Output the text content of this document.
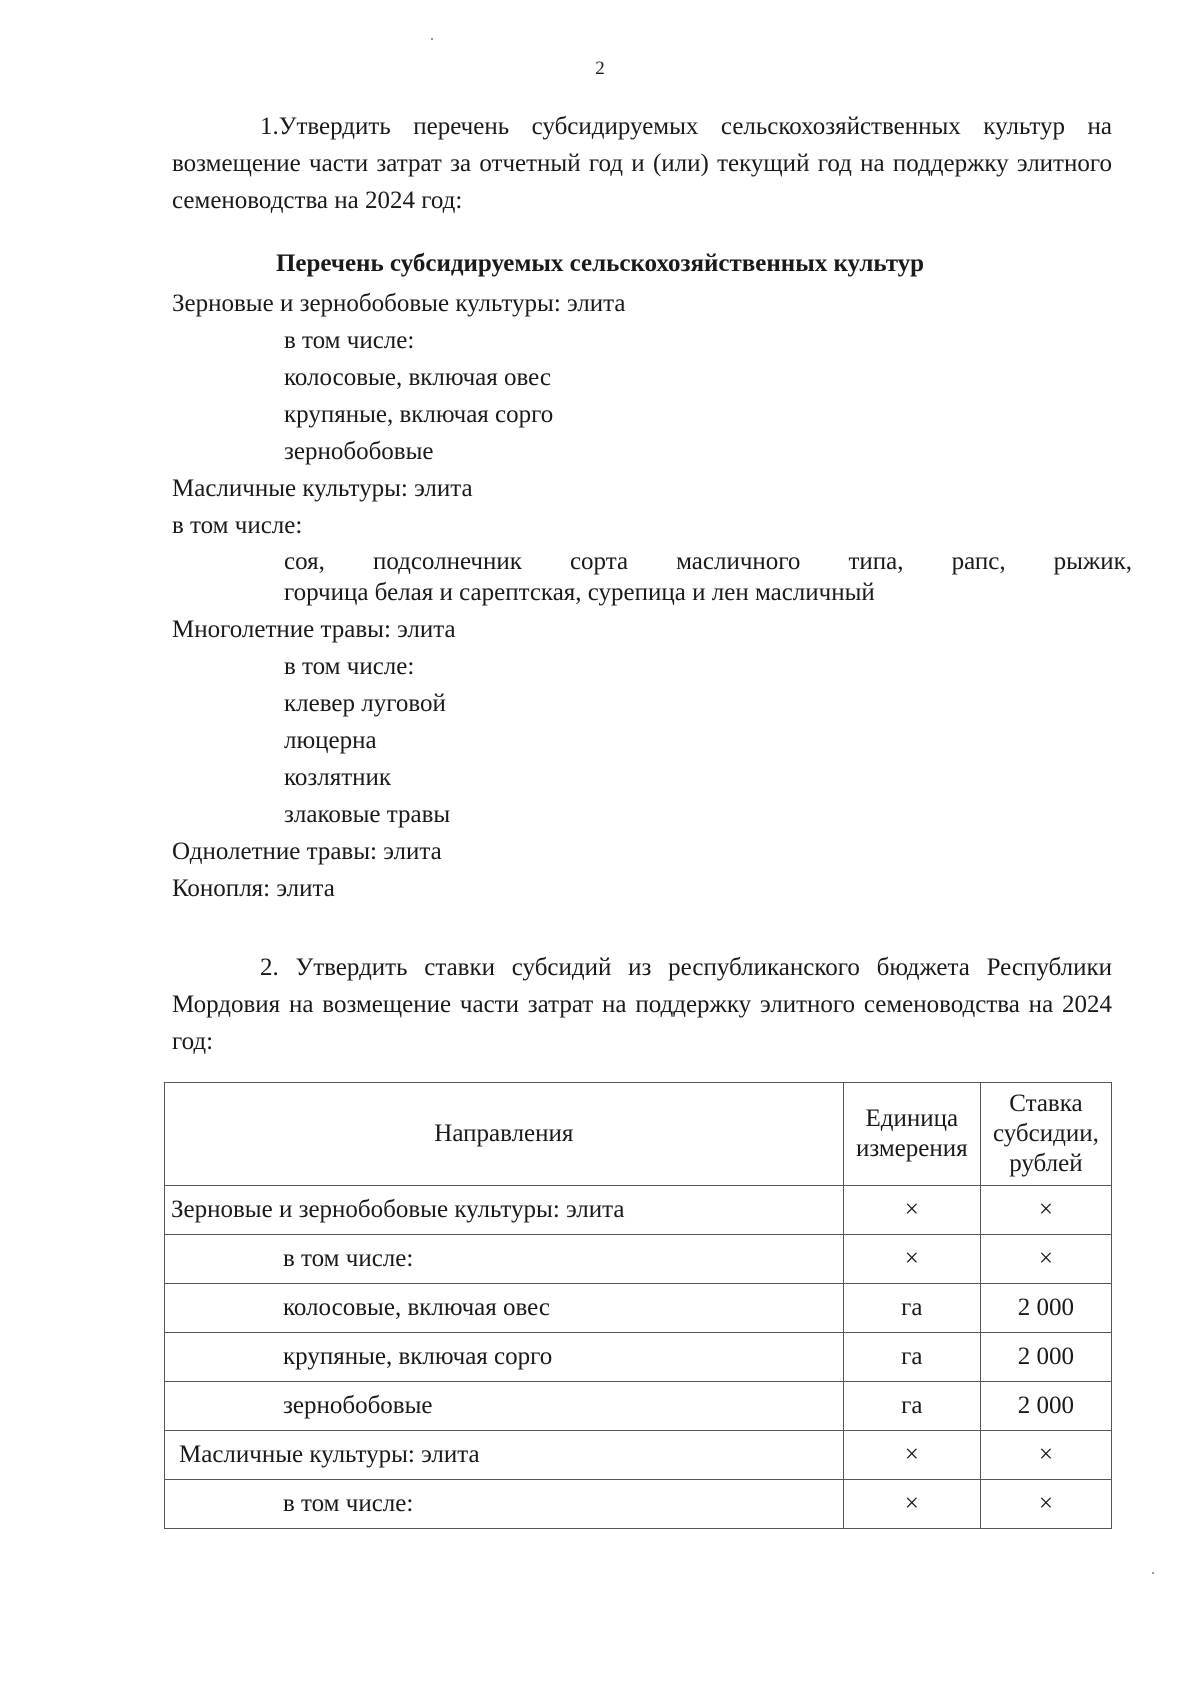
2

1.Утвердить перечень субсидируемых сельскохозяйственных культур на возмещение части затрат за отчетный год и (или) текущий год на поддержку элитного семеноводства на 2024 год:

Перечень субсидируемых сельскохозяйственных культур
Зерновые и зернобобовые культуры: элита
в том числе:
колосовые, включая овес
крупяные, включая сорго
зернобобовые
Масличные культуры: элита
в том числе:
соя, подсолнечник сорта масличного типа, рапс, рыжик,
горчица белая и сарептская, сурепица и лен масличный
Многолетние травы: элита
в том числе:
клевер луговой
люцерна
козлятник
злаковые травы
Однолетние травы: элита
Конопля: элита

2. Утвердить ставки субсидий из республиканского бюджета Республики Мордовия на возмещение части затрат на поддержку элитного семеноводства на 2024 год:

Направления	Единица измерения	Ставка субсидии, рублей
Зерновые и зернобобовые культуры: элита	×	×
в том числе:	×	×
колосовые, включая овес	га	2 000
крупяные, включая сорго	га	2 000
зернобобовые	га	2 000
Масличные культуры: элита	×	×
в том числе:	×	×
